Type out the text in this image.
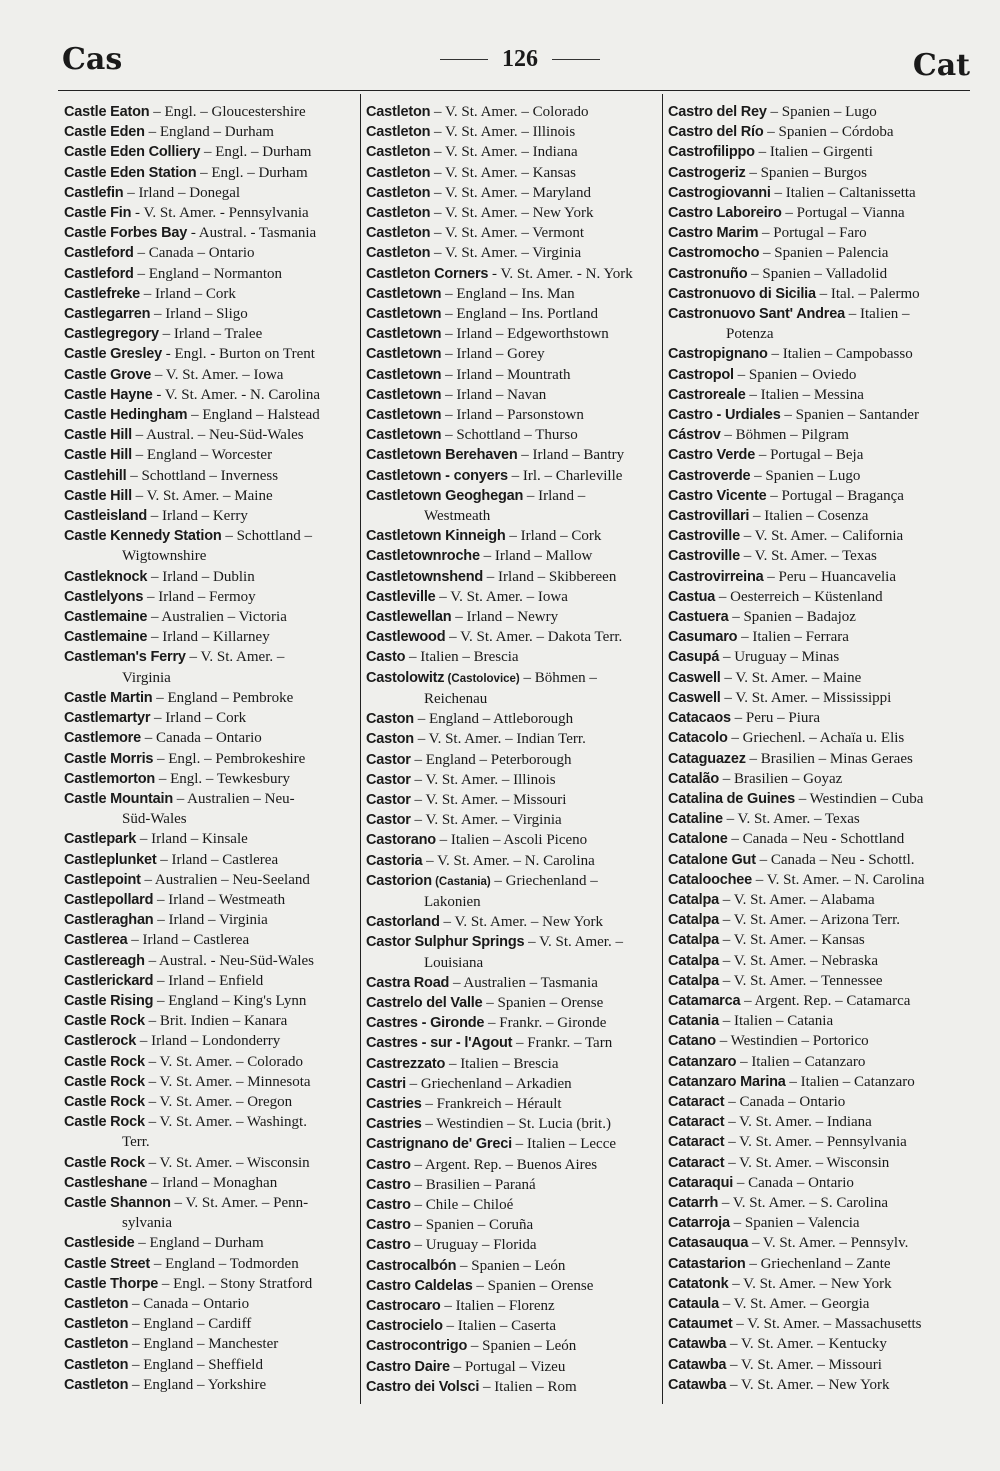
Cas	126	Cat
Castle Eaton – Engl. – Gloucestershire
Castle Eden – England – Durham
Castle Eden Colliery – Engl. – Durham
Castle Eden Station – Engl. – Durham
Castlefin – Irland – Donegal
Castle Fin - V. St. Amer. - Pennsylvania
Castle Forbes Bay - Austral. - Tasmania
Castleford – Canada – Ontario
Castleford – England – Normanton
Castlefreke – Irland – Cork
Castlegarren – Irland – Sligo
Castlegregory – Irland – Tralee
Castle Gresley - Engl. - Burton on Trent
Castle Grove – V. St. Amer. – Iowa
Castle Hayne - V. St. Amer. - N. Carolina
Castle Hedingham – England – Halstead
Castle Hill – Austral. – Neu-Süd-Wales
Castle Hill – England – Worcester
Castlehill – Schottland – Inverness
Castle Hill – V. St. Amer. – Maine
Castleisland – Irland – Kerry
Castle Kennedy Station – Schottland –
Wigtownshire
Castleknock – Irland – Dublin
Castlelyons – Irland – Fermoy
Castlemaine – Australien – Victoria
Castlemaine – Irland – Killarney
Castleman's Ferry – V. St. Amer. –
Virginia
Castle Martin – England – Pembroke
Castlemartyr – Irland – Cork
Castlemore – Canada – Ontario
Castle Morris – Engl. – Pembrokeshire
Castlemorton – Engl. – Tewkesbury
Castle Mountain – Australien – Neu-
Süd-Wales
Castlepark – Irland – Kinsale
Castleplunket – Irland – Castlerea
Castlepoint – Australien – Neu-Seeland
Castlepollard – Irland – Westmeath
Castleraghan – Irland – Virginia
Castlerea – Irland – Castlerea
Castlereagh – Austral. - Neu-Süd-Wales
Castlerickard – Irland – Enfield
Castle Rising – England – King's Lynn
Castle Rock – Brit. Indien – Kanara
Castlerock – Irland – Londonderry
Castle Rock – V. St. Amer. – Colorado
Castle Rock – V. St. Amer. – Minnesota
Castle Rock – V. St. Amer. – Oregon
Castle Rock – V. St. Amer. – Washingt.
Terr.
Castle Rock – V. St. Amer. – Wisconsin
Castleshane – Irland – Monaghan
Castle Shannon – V. St. Amer. – Penn-
sylvania
Castleside – England – Durham
Castle Street – England – Todmorden
Castle Thorpe – Engl. – Stony Stratford
Castleton – Canada – Ontario
Castleton – England – Cardiff
Castleton – England – Manchester
Castleton – England – Sheffield
Castleton – England – Yorkshire
Castleton – V. St. Amer. – Colorado
Castleton – V. St. Amer. – Illinois
Castleton – V. St. Amer. – Indiana
Castleton – V. St. Amer. – Kansas
Castleton – V. St. Amer. – Maryland
Castleton – V. St. Amer. – New York
Castleton – V. St. Amer. – Vermont
Castleton – V. St. Amer. – Virginia
Castleton Corners - V. St. Amer. - N. York
Castletown – England – Ins. Man
Castletown – England – Ins. Portland
Castletown – Irland – Edgeworthstown
Castletown – Irland – Gorey
Castletown – Irland – Mountrath
Castletown – Irland – Navan
Castletown – Irland – Parsonstown
Castletown – Schottland – Thurso
Castletown Berehaven – Irland – Bantry
Castletown - conyers – Irl. – Charleville
Castletown Geoghegan – Irland –
Westmeath
Castletown Kinneigh – Irland – Cork
Castletownroche – Irland – Mallow
Castletownshend – Irland – Skibbereen
Castleville – V. St. Amer. – Iowa
Castlewellan – Irland – Newry
Castlewood – V. St. Amer. – Dakota Terr.
Casto – Italien – Brescia
Castolowitz (Castolovice) – Böhmen –
Reichenau
Caston – England – Attleborough
Caston – V. St. Amer. – Indian Terr.
Castor – England – Peterborough
Castor – V. St. Amer. – Illinois
Castor – V. St. Amer. – Missouri
Castor – V. St. Amer. – Virginia
Castorano – Italien – Ascoli Piceno
Castoria – V. St. Amer. – N. Carolina
Castorion (Castania) – Griechenland –
Lakonien
Castorland – V. St. Amer. – New York
Castor Sulphur Springs – V. St. Amer. –
Louisiana
Castra Road – Australien – Tasmania
Castrelo del Valle – Spanien – Orense
Castres - Gironde – Frankr. – Gironde
Castres - sur - l'Agout – Frankr. – Tarn
Castrezzato – Italien – Brescia
Castri – Griechenland – Arkadien
Castries – Frankreich – Hérault
Castries – Westindien – St. Lucia (brit.)
Castrignano de' Greci – Italien – Lecce
Castro – Argent. Rep. – Buenos Aires
Castro – Brasilien – Paraná
Castro – Chile – Chiloé
Castro – Spanien – Coruña
Castro – Uruguay – Florida
Castrocalbón – Spanien – León
Castro Caldelas – Spanien – Orense
Castrocaro – Italien – Florenz
Castrocielo – Italien – Caserta
Castrocontrigo – Spanien – León
Castro Daire – Portugal – Vizeu
Castro dei Volsci – Italien – Rom
Castro del Rey – Spanien – Lugo
Castro del Río – Spanien – Córdoba
Castrofilippo – Italien – Girgenti
Castrogeriz – Spanien – Burgos
Castrogiovanni – Italien – Caltanissetta
Castro Laboreiro – Portugal – Vianna
Castro Marim – Portugal – Faro
Castromocho – Spanien – Palencia
Castronuño – Spanien – Valladolid
Castronuovo di Sicilia – Ital. – Palermo
Castronuovo Sant' Andrea – Italien –
Potenza
Castropignano – Italien – Campobasso
Castropol – Spanien – Oviedo
Castroreale – Italien – Messina
Castro - Urdiales – Spanien – Santander
Cástrov – Böhmen – Pilgram
Castro Verde – Portugal – Beja
Castroverde – Spanien – Lugo
Castro Vicente – Portugal – Bragança
Castrovillari – Italien – Cosenza
Castroville – V. St. Amer. – California
Castroville – V. St. Amer. – Texas
Castrovirreina – Peru – Huancavelia
Castua – Oesterreich – Küstenland
Castuera – Spanien – Badajoz
Casumaro – Italien – Ferrara
Casupá – Uruguay – Minas
Caswell – V. St. Amer. – Maine
Caswell – V. St. Amer. – Mississippi
Catacaos – Peru – Piura
Catacolo – Griechenl. – Achaïa u. Elis
Cataguazez – Brasilien – Minas Geraes
Catalão – Brasilien – Goyaz
Catalina de Guines – Westindien – Cuba
Cataline – V. St. Amer. – Texas
Catalone – Canada – Neu - Schottland
Catalone Gut – Canada – Neu - Schottl.
Cataloochee – V. St. Amer. – N. Carolina
Catalpa – V. St. Amer. – Alabama
Catalpa – V. St. Amer. – Arizona Terr.
Catalpa – V. St. Amer. – Kansas
Catalpa – V. St. Amer. – Nebraska
Catalpa – V. St. Amer. – Tennessee
Catamarca – Argent. Rep. – Catamarca
Catania – Italien – Catania
Catano – Westindien – Portorico
Catanzaro – Italien – Catanzaro
Catanzaro Marina – Italien – Catanzaro
Cataract – Canada – Ontario
Cataract – V. St. Amer. – Indiana
Cataract – V. St. Amer. – Pennsylvania
Cataract – V. St. Amer. – Wisconsin
Cataraqui – Canada – Ontario
Catarrh – V. St. Amer. – S. Carolina
Catarroja – Spanien – Valencia
Catasauqua – V. St. Amer. – Pennsylv.
Catastarion – Griechenland – Zante
Catatonk – V. St. Amer. – New York
Cataula – V. St. Amer. – Georgia
Cataumet – V. St. Amer. – Massachusetts
Catawba – V. St. Amer. – Kentucky
Catawba – V. St. Amer. – Missouri
Catawba – V. St. Amer. – New York
